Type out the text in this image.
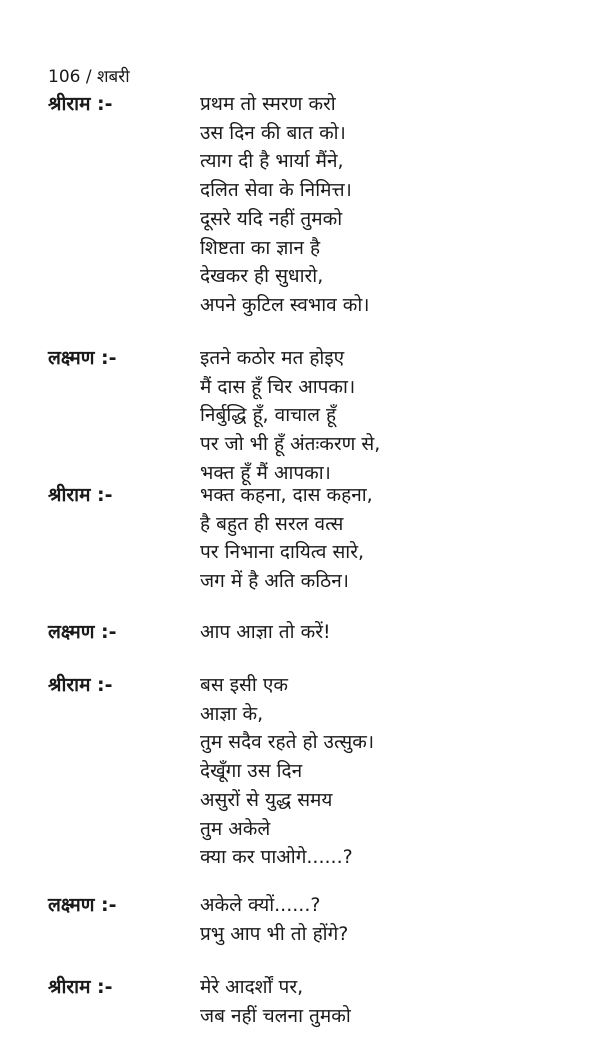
106 / शबरी
श्रीराम :-	प्रथम तो स्मरण करो
उस दिन की बात को।
त्याग दी है भार्या मैंने,
दलित सेवा के निमित्त।
दूसरे यदि नहीं तुमको
शिष्टता का ज्ञान है
देखकर ही सुधारो,
अपने कुटिल स्वभाव को।
लक्ष्मण :-	इतने कठोर मत होइए
मैं दास हूँ चिर आपका।
निर्बुद्धि हूँ, वाचाल हूँ
पर जो भी हूँ अंतःकरण से,
भक्त हूँ मैं आपका।
श्रीराम :-	भक्त कहना, दास कहना,
है बहुत ही सरल वत्स
पर निभाना दायित्व सारे,
जग में है अति कठिन।
लक्ष्मण :-	आप आज्ञा तो करें!
श्रीराम :-	बस इसी एक
आज्ञा के,
तुम सदैव रहते हो उत्सुक।
देखूँगा उस दिन
असुरों से युद्ध समय
तुम अकेले
क्या कर पाओगे......?
लक्ष्मण :-	अकेले क्यों......?
प्रभु आप भी तो होंगे?
श्रीराम :-	मेरे आदर्शों पर,
जब नहीं चलना तुमको
